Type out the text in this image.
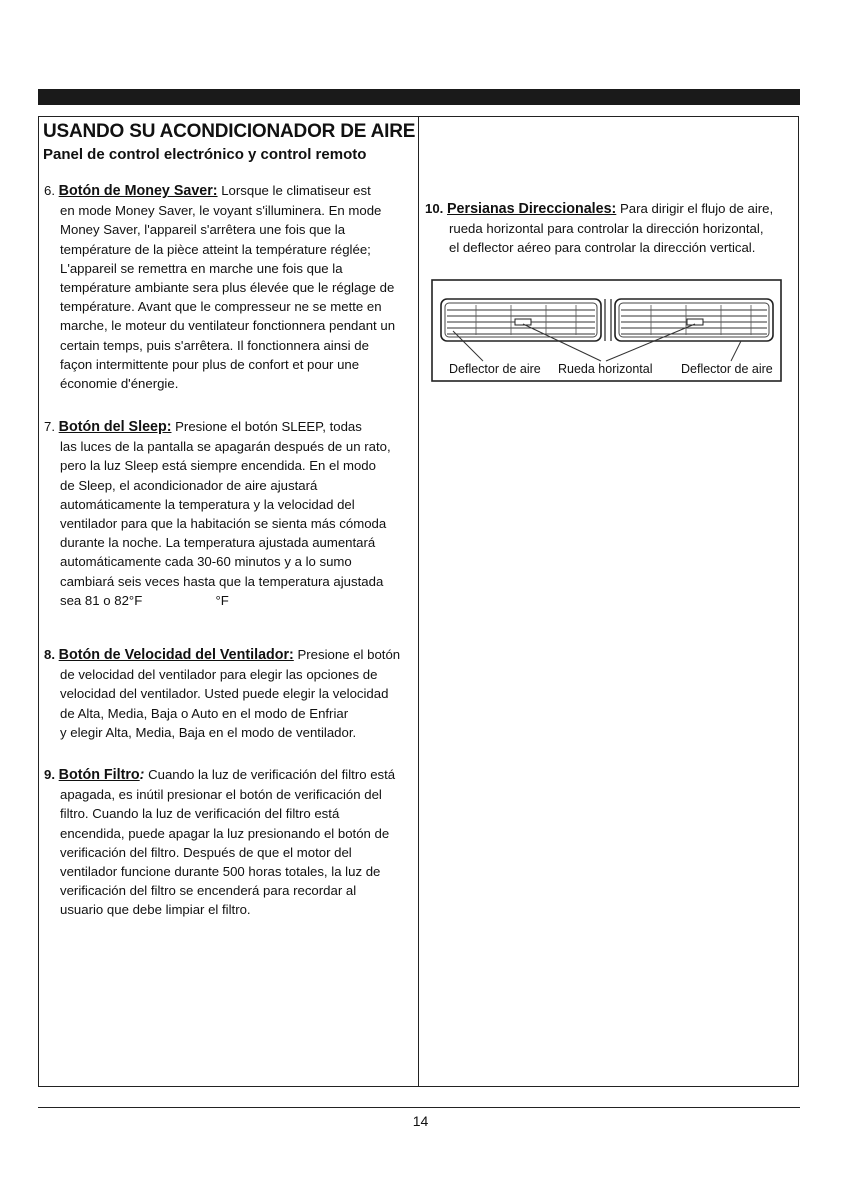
USANDO SU ACONDICIONADOR DE AIRE
Panel de control electrónico y control remoto
6. Botón de Money Saver: Lorsque le climatiseur est
en mode Money Saver, le voyant s'illuminera. En mode
Money Saver, l'appareil s'arrêtera une fois que la
température de la pièce atteint la température réglée;
L'appareil se remettra en marche une fois que la
température ambiante sera plus élevée que le réglage de
température. Avant que le compresseur ne se mette en
marche, le moteur du ventilateur fonctionnera pendant un
certain temps, puis s'arrêtera. Il fonctionnera ainsi de
façon intermittente pour plus de confort et pour une
économie d'énergie.
7. Botón del Sleep: Presione el botón SLEEP, todas
las luces de la pantalla se apagarán después de un rato,
pero la luz Sleep está siempre encendida. En el modo
de Sleep, el acondicionador de aire ajustará
automáticamente la temperatura y la velocidad del
ventilador para que la habitación se sienta más cómoda
durante la noche. La temperatura ajustada aumentará
automáticamente cada 30-60 minutos y a lo sumo
cambiará seis veces hasta que la temperatura ajustada
sea 81 o 82°F                    °F
8. Botón de Velocidad del Ventilador: Presione el botón
de velocidad del ventilador para elegir las opciones de
velocidad del ventilador. Usted puede elegir la velocidad
de Alta, Media, Baja o Auto en el modo de Enfriar
y elegir Alta, Media, Baja en el modo de ventilador.
9. Botón Filtro: Cuando la luz de verificación del filtro está
apagada, es inútil presionar el botón de verificación del
filtro. Cuando la luz de verificación del filtro está
encendida, puede apagar la luz presionando el botón de
verificación del filtro. Después de que el motor del
ventilador funcione durante 500 horas totales, la luz de
verificación del filtro se encenderá para recordar al
usuario que debe limpiar el filtro.
10. Persianas Direccionales: Para dirigir el flujo de aire,
rueda horizontal para controlar la dirección horizontal,
el deflector aéreo para controlar la dirección vertical.
Deflector de aire Rueda horizontal Deflector de aire
14
